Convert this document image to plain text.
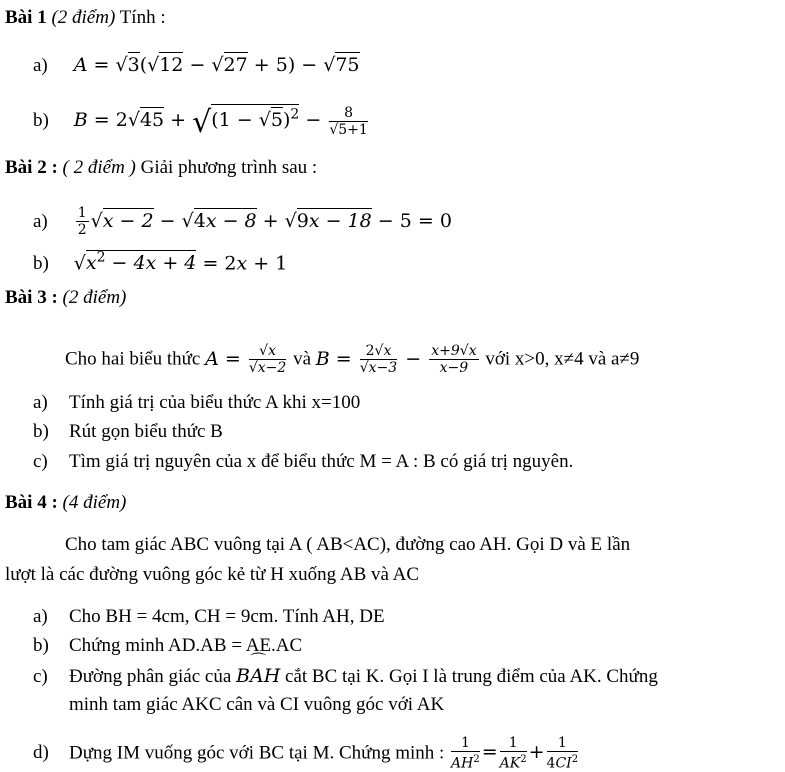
Bài 1 (2 điểm) Tính :
a) A = √3(√12 − √27 + 5) − √75
b) $B = 2√45 + √(1 - √5)^2 - \frac{8}{√5+1}$
Bài 2 : ( 2 điểm ) Giải phương trình sau :
$a) \frac{1}{2} √x - 2 - √4x - 8 + √9x - 18 - 5 = 0$
b) $√x^2 - 4x + 4 = 2x + 1$
Bài 3 : (2 điểm)
Cho hai biểu thức $A = \frac{√x}{√x-2}$ và $B = \frac{2√x}{√x-3} - \frac{x+9√x}{x-9}$ với x>0, x≠4 và a≠9
a) Tính giá trị của biểu thức A khi x=100
b) Rút gọn biểu thức B
c) Tìm giá trị nguyên của x để biểu thức M = A : B có giá trị nguyên.
Bài 4 : (4 điểm)
Cho tam giác ABC vuông tại A ( AB<AC), đường cao AH. Gọi D và E lần
lượt là các đường vuông góc kẻ từ H xuống AB và AC
a) Cho BH = 4cm, CH = 9cm. Tính AH, DE
b) Chứng minh AD.AB = AE.AC
c) Đường phân giác của
⌒
BAH cắt BC tại K. Gọi I là trung điểm của AK. Chứng
minh tam giác AKC cân và CI vuông góc với AK
d) Dựng IM vuống góc với BC tại M. Chứng minh : $\frac{1}{AH^2} = \frac{1}{AK^2} + \frac{1}{4CI^2}$
